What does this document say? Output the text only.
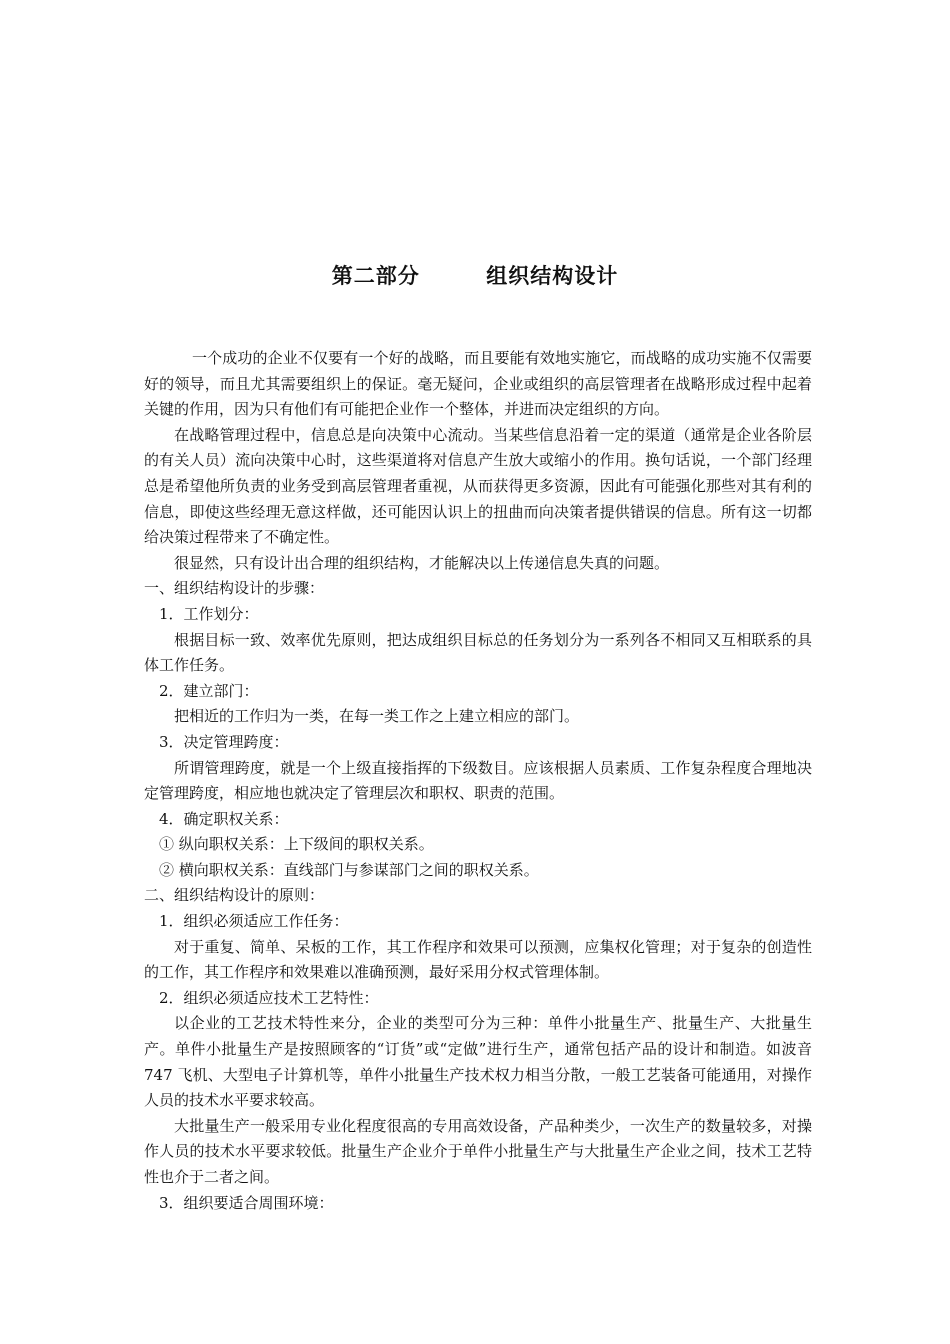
第二部分        组织结构设计

一个成功的企业不仅要有一个好的战略，而且要能有效地实施它，而战略的成功实施不仅需要好的领导，而且尤其需要组织上的保证。毫无疑问，企业或组织的高层管理者在战略形成过程中起着关键的作用，因为只有他们有可能把企业作一个整体，并进而决定组织的方向。

在战略管理过程中，信息总是向决策中心流动。当某些信息沿着一定的渠道（通常是企业各阶层的有关人员）流向决策中心时，这些渠道将对信息产生放大或缩小的作用。换句话说，一个部门经理总是希望他所负责的业务受到高层管理者重视，从而获得更多资源，因此有可能强化那些对其有利的信息，即使这些经理无意这样做，还可能因认识上的扭曲而向决策者提供错误的信息。所有这一切都给决策过程带来了不确定性。

很显然，只有设计出合理的组织结构，才能解决以上传递信息失真的问题。

一、组织结构设计的步骤：

1．工作划分：

根据目标一致、效率优先原则，把达成组织目标总的任务划分为一系列各不相同又互相联系的具体工作任务。

2．建立部门：

把相近的工作归为一类，在每一类工作之上建立相应的部门。

3．决定管理跨度：

所谓管理跨度，就是一个上级直接指挥的下级数目。应该根据人员素质、工作复杂程度合理地决定管理跨度，相应地也就决定了管理层次和职权、职责的范围。

4．确定职权关系：

① 纵向职权关系：上下级间的职权关系。

② 横向职权关系：直线部门与参谋部门之间的职权关系。

二、组织结构设计的原则：

1．组织必须适应工作任务：

对于重复、简单、呆板的工作，其工作程序和效果可以预测，应集权化管理；对于复杂的创造性的工作，其工作程序和效果难以准确预测，最好采用分权式管理体制。

2．组织必须适应技术工艺特性：

以企业的工艺技术特性来分，企业的类型可分为三种：单件小批量生产、批量生产、大批量生产。单件小批量生产是按照顾客的“订货”或“定做”进行生产，通常包括产品的设计和制造。如波音 747 飞机、大型电子计算机等，单件小批量生产技术权力相当分散，一般工艺装备可能通用，对操作人员的技术水平要求较高。

大批量生产一般采用专业化程度很高的专用高效设备，产品种类少，一次生产的数量较多，对操作人员的技术水平要求较低。批量生产企业介于单件小批量生产与大批量生产企业之间，技术工艺特性也介于二者之间。

3．组织要适合周围环境：
